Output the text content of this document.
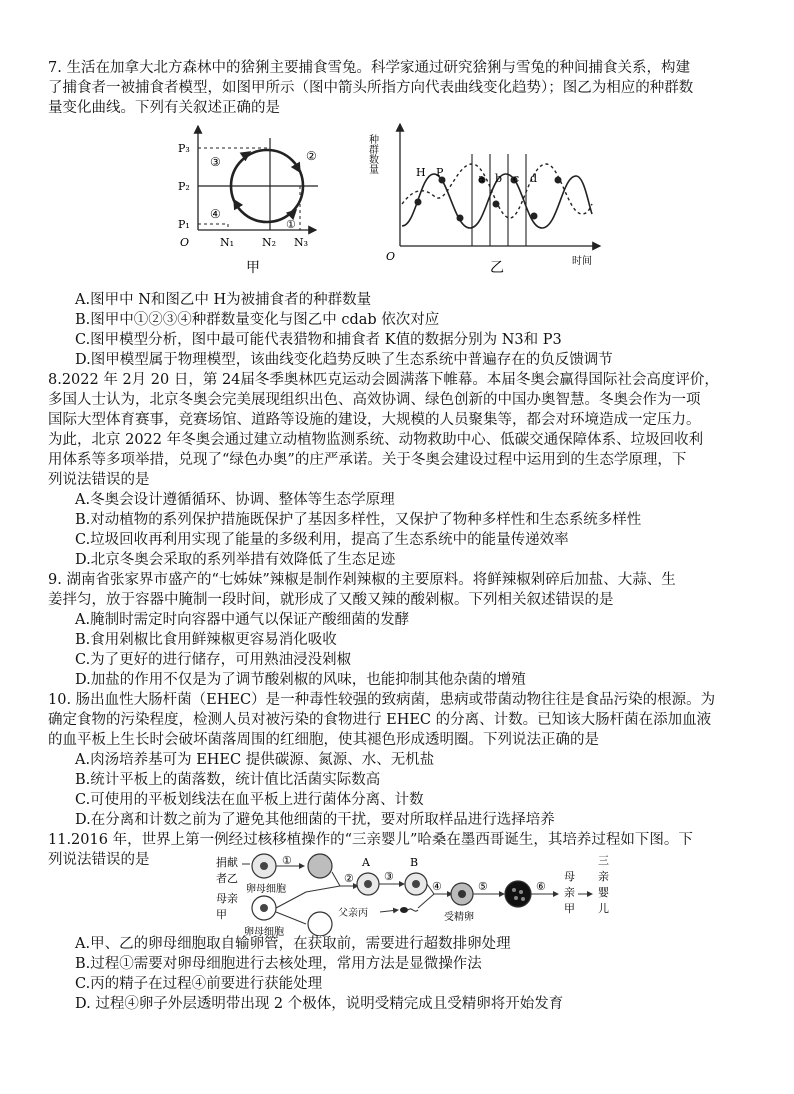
7. 生活在加拿大北方森林中的猞猁主要捕食雪兔。科学家通过研究猞猁与雪兔的种间捕食关系，构建
了捕食者一被捕食者模型，如图甲所示（图中箭头所指方向代表曲线变化趋势）；图乙为相应的种群数
量变化曲线。下列有关叙述正确的是
P₃
P₂
P₁
O	N₁	N₂ N₃
①
②
③
④
甲
种群数量
O	时间
H P	a b c d
乙
A.图甲中 N和图乙中 H为被捕食者的种群数量
B.图甲中①②③④种群数量变化与图乙中 cdab 依次对应
C.图甲模型分析，图中最可能代表猎物和捕食者 K值的数据分别为 N3和 P3
D.图甲模型属于物理模型，该曲线变化趋势反映了生态系统中普遍存在的负反馈调节
8.2022 年 2月 20 日，第 24届冬季奥林匹克运动会圆满落下帷幕。本届冬奥会赢得国际社会高度评价，
多国人士认为，北京冬奥会完美展现组织出色、高效协调、绿色创新的中国办奥智慧。冬奥会作为一项
国际大型体育赛事，竞赛场馆、道路等设施的建设，大规模的人员聚集等，都会对环境造成一定压力。
为此，北京 2022 年冬奥会通过建立动植物监测系统、动物救助中心、低碳交通保障体系、垃圾回收利
用体系等多项举措，兑现了“绿色办奥”的庄严承诺。关于冬奥会建设过程中运用到的生态学原理，下
列说法错误的是
A.冬奥会设计遵循循环、协调、整体等生态学原理
B.对动植物的系列保护措施既保护了基因多样性，又保护了物种多样性和生态系统多样性
C.垃圾回收再利用实现了能量的多级利用，提高了生态系统中的能量传递效率
D.北京冬奥会采取的系列举措有效降低了生态足迹
9. 湖南省张家界市盛产的“七姊妹”辣椒是制作剁辣椒的主要原料。将鲜辣椒剁碎后加盐、大蒜、生
姜拌匀，放于容器中腌制一段时间，就形成了又酸又辣的酸剁椒。下列相关叙述错误的是
A.腌制时需定时向容器中通气以保证产酸细菌的发酵
B.食用剁椒比食用鲜辣椒更容易消化吸收
C.为了更好的进行储存，可用熟油浸没剁椒
D.加盐的作用不仅是为了调节酸剁椒的风味，也能抑制其他杂菌的增殖
10. 肠出血性大肠杆菌（EHEC）是一种毒性较强的致病菌，患病或带菌动物往往是食品污染的根源。为
确定食物的污染程度，检测人员对被污染的食物进行 EHEC 的分离、计数。已知该大肠杆菌在添加血液
的血平板上生长时会破坏菌落周围的红细胞，使其褪色形成透明圈。下列说法正确的是
A.肉汤培养基可为 EHEC 提供碳源、氮源、水、无机盐
B.统计平板上的菌落数，统计值比活菌实际数高
C.可使用的平板划线法在血平板上进行菌体分离、计数
D.在分离和计数之前为了避免其他细菌的干扰，要对所取样品进行选择培养
11.2016 年，世界上第一例经过核移植操作的“三亲婴儿”哈桑在墨西哥诞生，其培养过程如下图。下
列说法错误的是	捐献
者乙
母亲
甲
①
卵母细胞
卵母细胞
②
A
③
B
父亲丙
④
受精卵
⑤	⑥
母
亲
甲
三
亲
婴
儿
A.甲、乙的卵母细胞取自输卵管，在获取前，需要进行超数排卵处理
B.过程①需要对卵母细胞进行去核处理，常用方法是显微操作法
C.丙的精子在过程④前要进行获能处理
D. 过程④卵子外层透明带出现 2 个极体，说明受精完成且受精卵将开始发育
